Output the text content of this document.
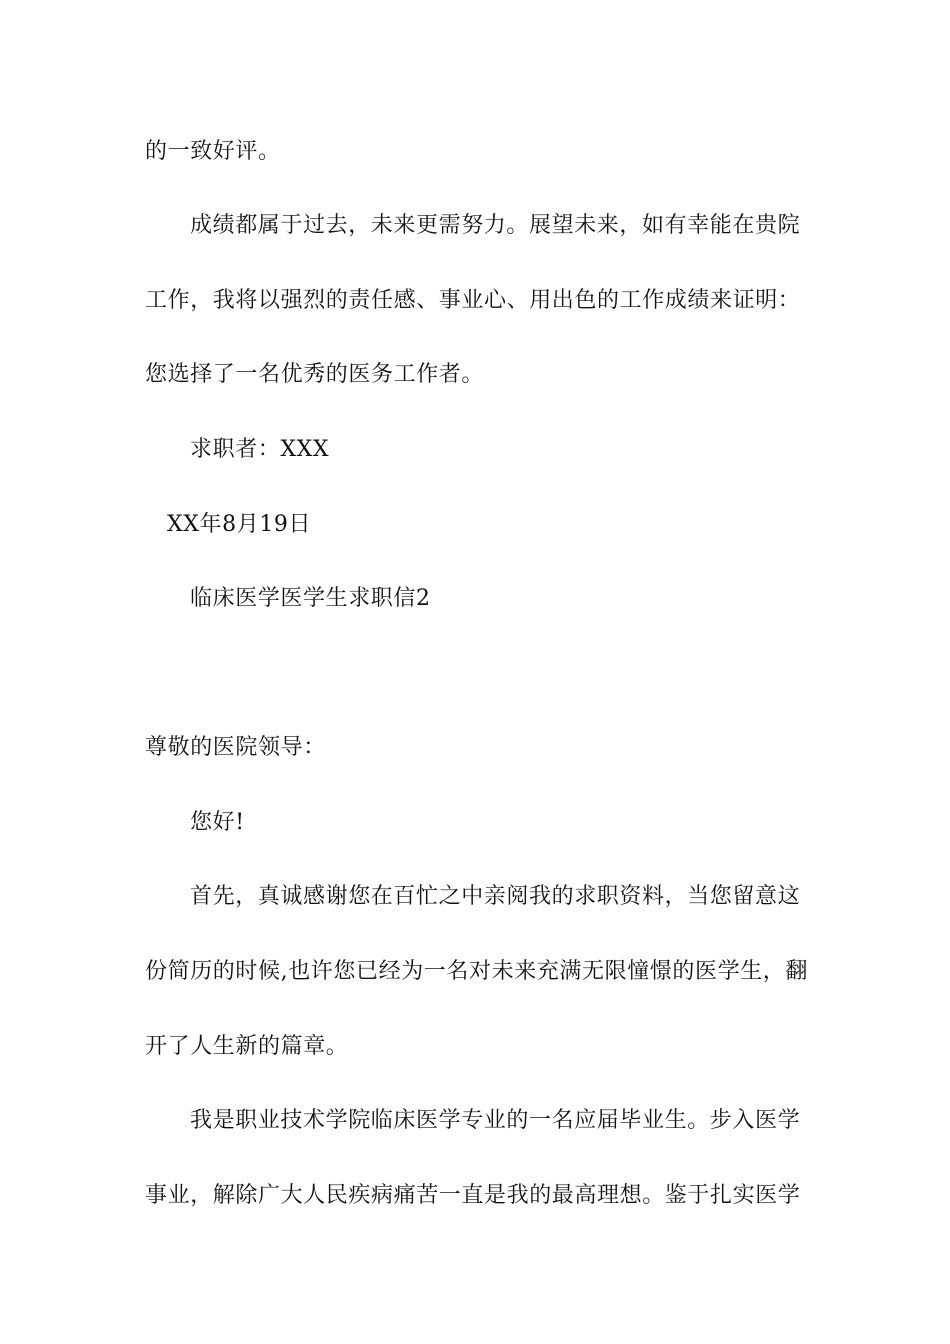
的一致好评。
成绩都属于过去，未来更需努力。展望未来，如有幸能在贵院
工作，我将以强烈的责任感、事业心、用出色的工作成绩来证明：
您选择了一名优秀的医务工作者。
求职者：XXX
XX年8月19日
临床医学医学生求职信2
尊敬的医院领导：
您好!
首先，真诚感谢您在百忙之中亲阅我的求职资料，当您留意这
份简历的时候,也许您已经为一名对未来充满无限憧憬的医学生，翻
开了人生新的篇章。
我是职业技术学院临床医学专业的一名应届毕业生。步入医学
事业，解除广大人民疾病痛苦一直是我的最高理想。鉴于扎实医学
